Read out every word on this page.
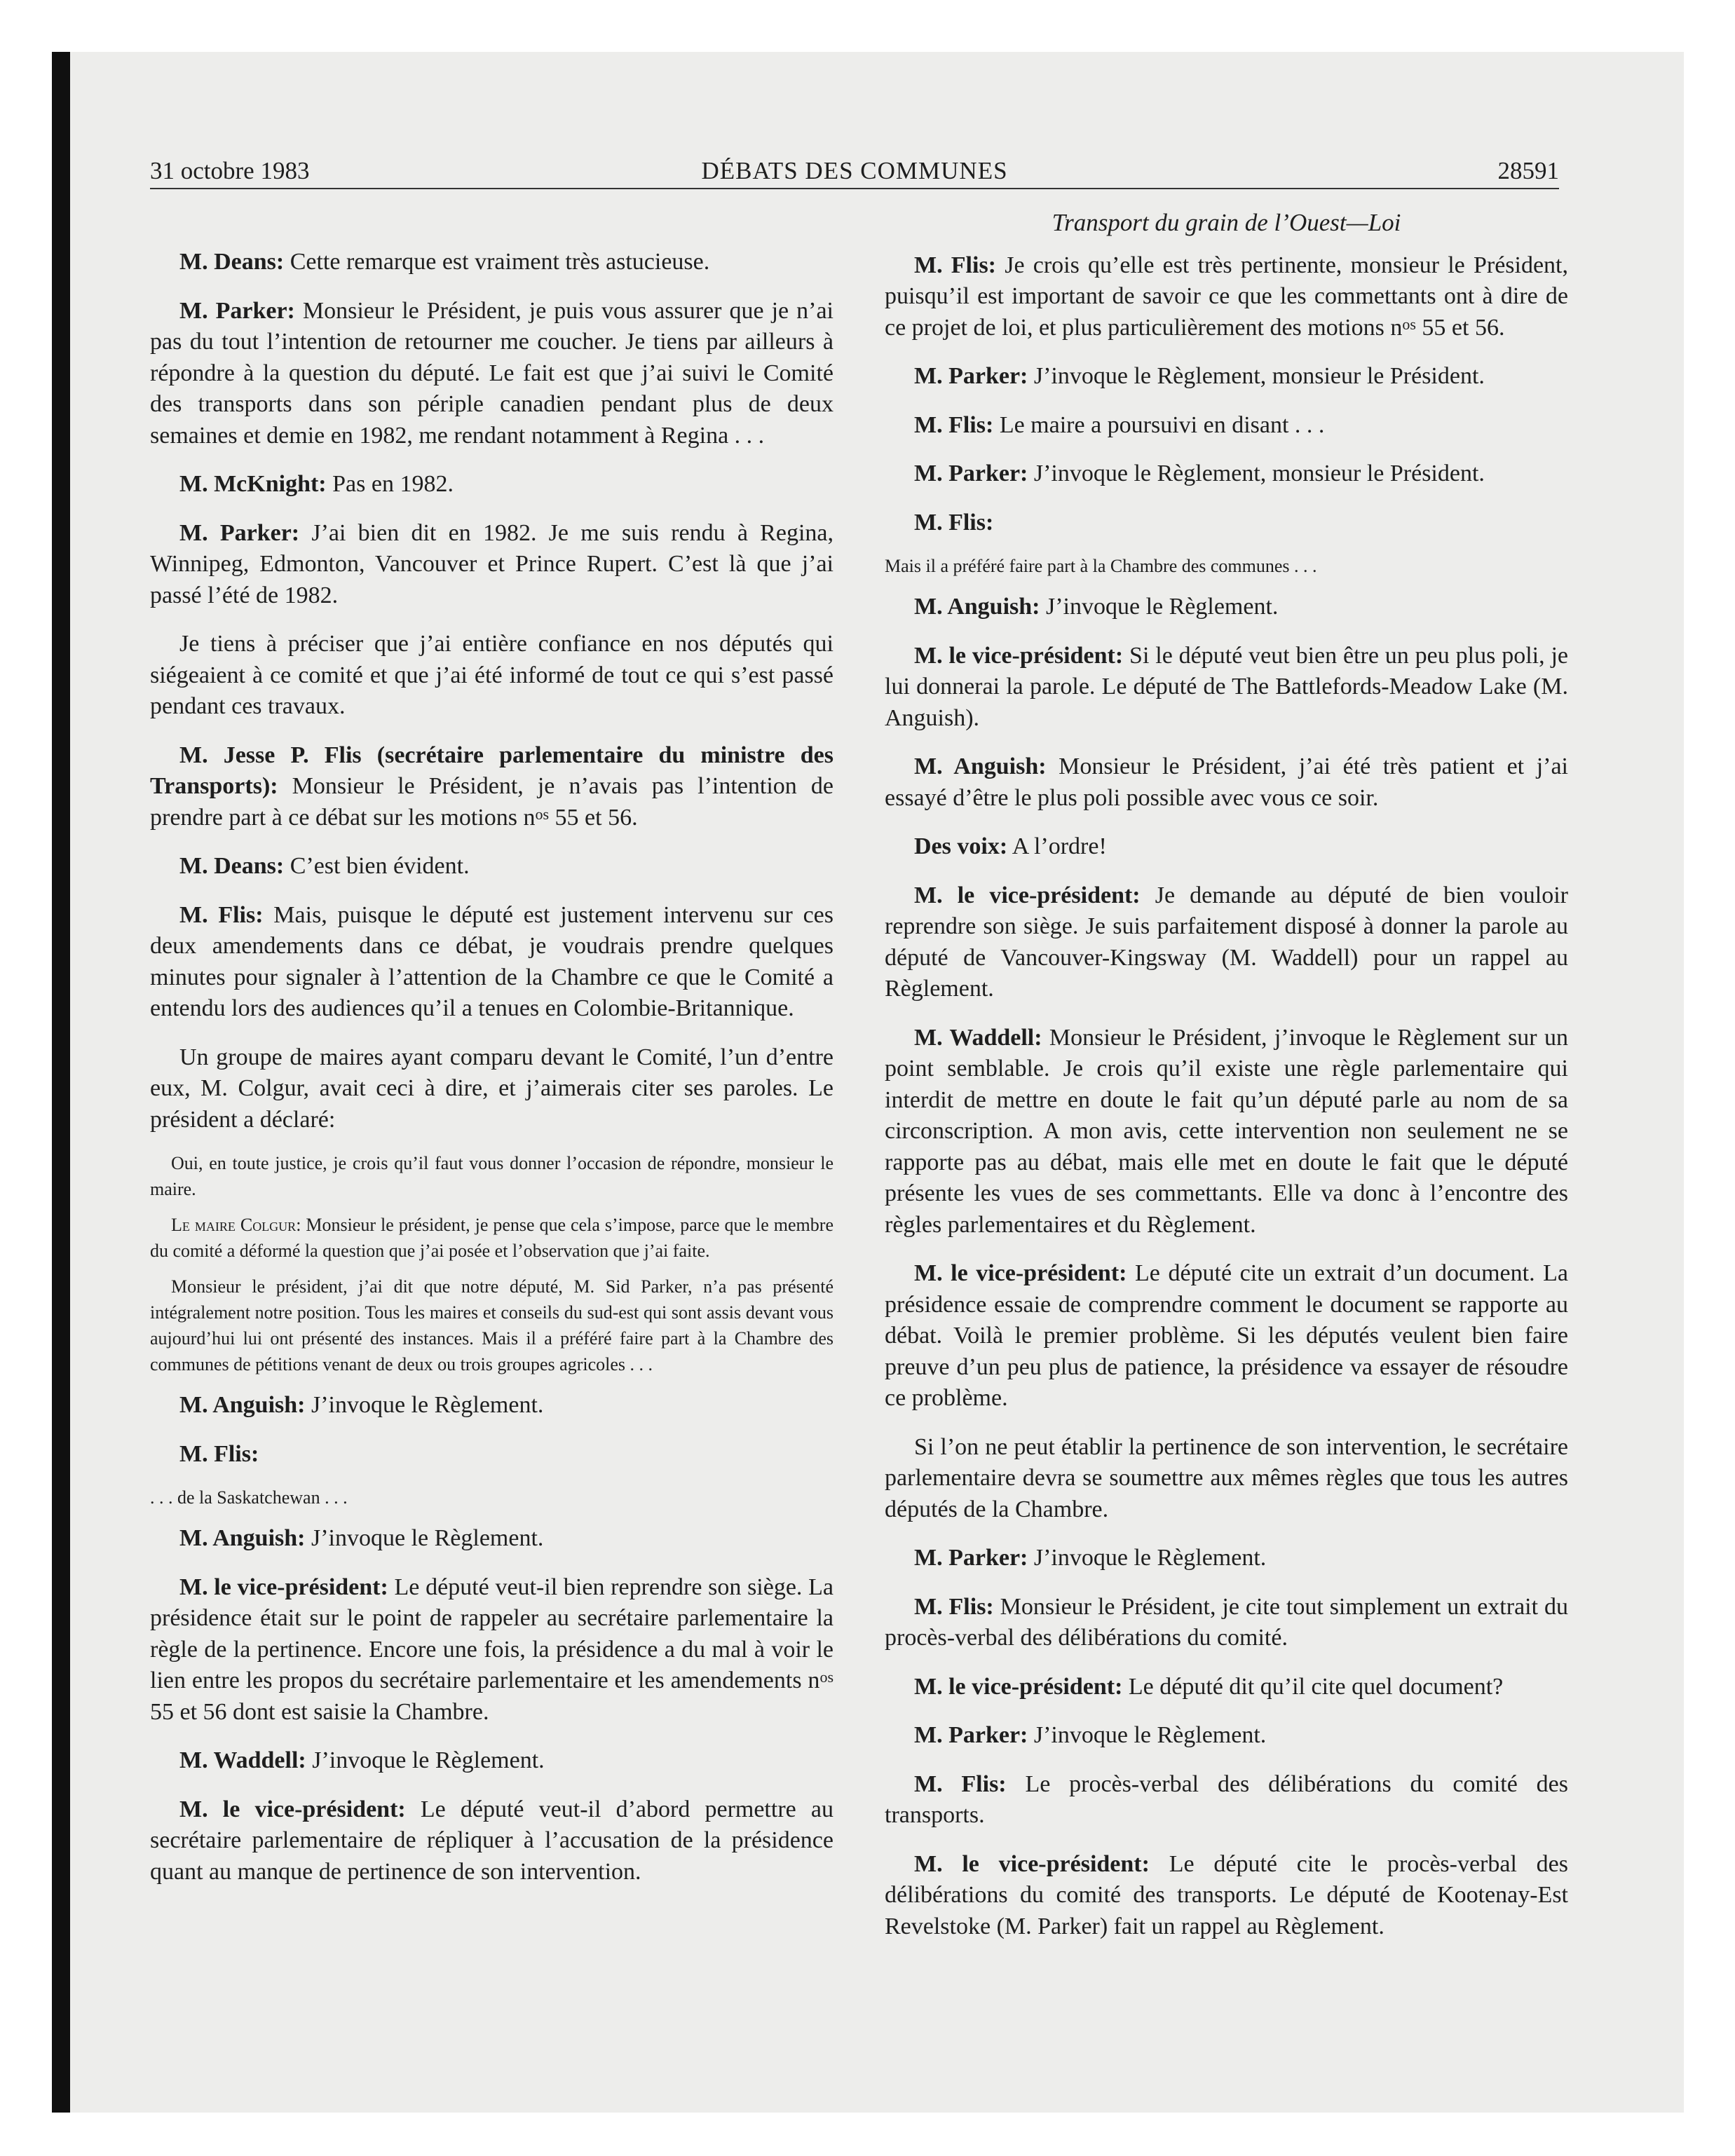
31 octobre 1983	DÉBATS DES COMMUNES	28591

M. Deans: Cette remarque est vraiment très astucieuse.

M. Parker: Monsieur le Président, je puis vous assurer que je n’ai pas du tout l’intention de retourner me coucher. Je tiens par ailleurs à répondre à la question du député. Le fait est que j’ai suivi le Comité des transports dans son périple canadien pendant plus de deux semaines et demie en 1982, me rendant notamment à Regina . . .

M. McKnight: Pas en 1982.

M. Parker: J’ai bien dit en 1982. Je me suis rendu à Regina, Winnipeg, Edmonton, Vancouver et Prince Rupert. C’est là que j’ai passé l’été de 1982.

Je tiens à préciser que j’ai entière confiance en nos députés qui siégeaient à ce comité et que j’ai été informé de tout ce qui s’est passé pendant ces travaux.

M. Jesse P. Flis (secrétaire parlementaire du ministre des Transports): Monsieur le Président, je n’avais pas l’intention de prendre part à ce débat sur les motions $n^{os}$ 55 et 56.

M. Deans: C’est bien évident.

M. Flis: Mais, puisque le député est justement intervenu sur ces deux amendements dans ce débat, je voudrais prendre quelques minutes pour signaler à l’attention de la Chambre ce que le Comité a entendu lors des audiences qu’il a tenues en Colombie-Britannique.

Un groupe de maires ayant comparu devant le Comité, l’un d’entre eux, M. Colgur, avait ceci à dire, et j’aimerais citer ses paroles. Le président a déclaré:

Oui, en toute justice, je crois qu’il faut vous donner l’occasion de répondre, monsieur le maire.

Le maire Colgur: Monsieur le président, je pense que cela s’impose, parce que le membre du comité a déformé la question que j’ai posée et l’observation que j’ai faite.

Monsieur le président, j’ai dit que notre député, M. Sid Parker, n’a pas présenté intégralement notre position. Tous les maires et conseils du sud-est qui sont assis devant vous aujourd’hui lui ont présenté des instances. Mais il a préféré faire part à la Chambre des communes de pétitions venant de deux ou trois groupes agricoles . . .

M. Anguish: J’invoque le Règlement.

M. Flis:

. . . de la Saskatchewan . . .

M. Anguish: J’invoque le Règlement.

M. le vice-président: Le député veut-il bien reprendre son siège. La présidence était sur le point de rappeler au secrétaire parlementaire la règle de la pertinence. Encore une fois, la présidence a du mal à voir le lien entre les propos du secrétaire parlementaire et les amendements $n^{os}$ 55 et 56 dont est saisie la Chambre.

M. Waddell: J’invoque le Règlement.

M. le vice-président: Le député veut-il d’abord permettre au secrétaire parlementaire de répliquer à l’accusation de la présidence quant au manque de pertinence de son intervention.

Transport du grain de l’Ouest—Loi

M. Flis: Je crois qu’elle est très pertinente, monsieur le Président, puisqu’il est important de savoir ce que les commettants ont à dire de ce projet de loi, et plus particulièrement des motions $n^{os}$ 55 et 56.

M. Parker: J’invoque le Règlement, monsieur le Président.

M. Flis: Le maire a poursuivi en disant . . .

M. Parker: J’invoque le Règlement, monsieur le Président.

M. Flis:

Mais il a préféré faire part à la Chambre des communes . . .

M. Anguish: J’invoque le Règlement.

M. le vice-président: Si le député veut bien être un peu plus poli, je lui donnerai la parole. Le député de The Battlefords-Meadow Lake (M. Anguish).

M. Anguish: Monsieur le Président, j’ai été très patient et j’ai essayé d’être le plus poli possible avec vous ce soir.

Des voix: A l’ordre!

M. le vice-président: Je demande au député de bien vouloir reprendre son siège. Je suis parfaitement disposé à donner la parole au député de Vancouver-Kingsway (M. Waddell) pour un rappel au Règlement.

M. Waddell: Monsieur le Président, j’invoque le Règlement sur un point semblable. Je crois qu’il existe une règle parlementaire qui interdit de mettre en doute le fait qu’un député parle au nom de sa circonscription. A mon avis, cette intervention non seulement ne se rapporte pas au débat, mais elle met en doute le fait que le député présente les vues de ses commettants. Elle va donc à l’encontre des règles parlementaires et du Règlement.

M. le vice-président: Le député cite un extrait d’un document. La présidence essaie de comprendre comment le document se rapporte au débat. Voilà le premier problème. Si les députés veulent bien faire preuve d’un peu plus de patience, la présidence va essayer de résoudre ce problème.

Si l’on ne peut établir la pertinence de son intervention, le secrétaire parlementaire devra se soumettre aux mêmes règles que tous les autres députés de la Chambre.

M. Parker: J’invoque le Règlement.

M. Flis: Monsieur le Président, je cite tout simplement un extrait du procès-verbal des délibérations du comité.

M. le vice-président: Le député dit qu’il cite quel document?

M. Parker: J’invoque le Règlement.

M. Flis: Le procès-verbal des délibérations du comité des transports.

M. le vice-président: Le député cite le procès-verbal des délibérations du comité des transports. Le député de Kootenay-Est Revelstoke (M. Parker) fait un rappel au Règlement.
